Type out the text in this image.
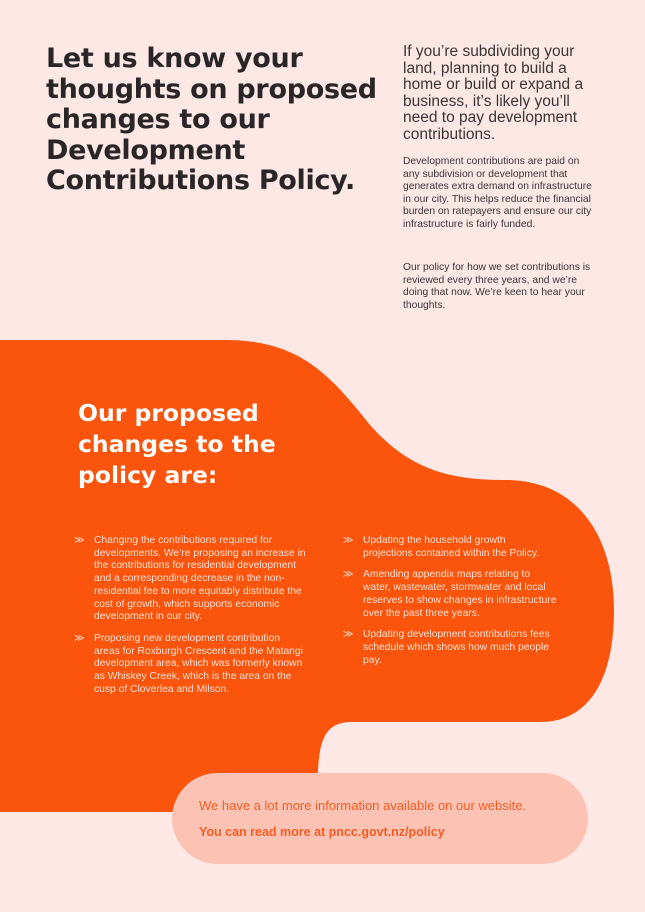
Let us know your thoughts on proposed changes to our Development Contributions Policy.

If you’re subdividing your land, planning to build a home or build or expand a business, it’s likely you’ll need to pay development contributions.

Development contributions are paid on any subdivision or development that generates extra demand on infrastructure in our city. This helps reduce the financial burden on ratepayers and ensure our city infrastructure is fairly funded.

Our policy for how we set contributions is reviewed every three years, and we’re doing that now. We’re keen to hear your thoughts.

Our proposed changes to the policy are:
≫ Changing the contributions required for developments. We’re proposing an increase in the contributions for residential development and a corresponding decrease in the non-residential fee to more equitably distribute the cost of growth, which supports economic development in our city.
≫ Proposing new development contribution areas for Roxburgh Crescent and the Matangi development area, which was formerly known as Whiskey Creek, which is the area on the cusp of Cloverlea and Milson.
≫ Updating the household growth projections contained within the Policy.
≫ Amending appendix maps relating to water, wastewater, stormwater and local reserves to show changes in infrastructure over the past three years.
≫ Updating development contributions fees schedule which shows how much people pay.

We have a lot more information available on our website.

You can read more at pncc.govt.nz/policy
